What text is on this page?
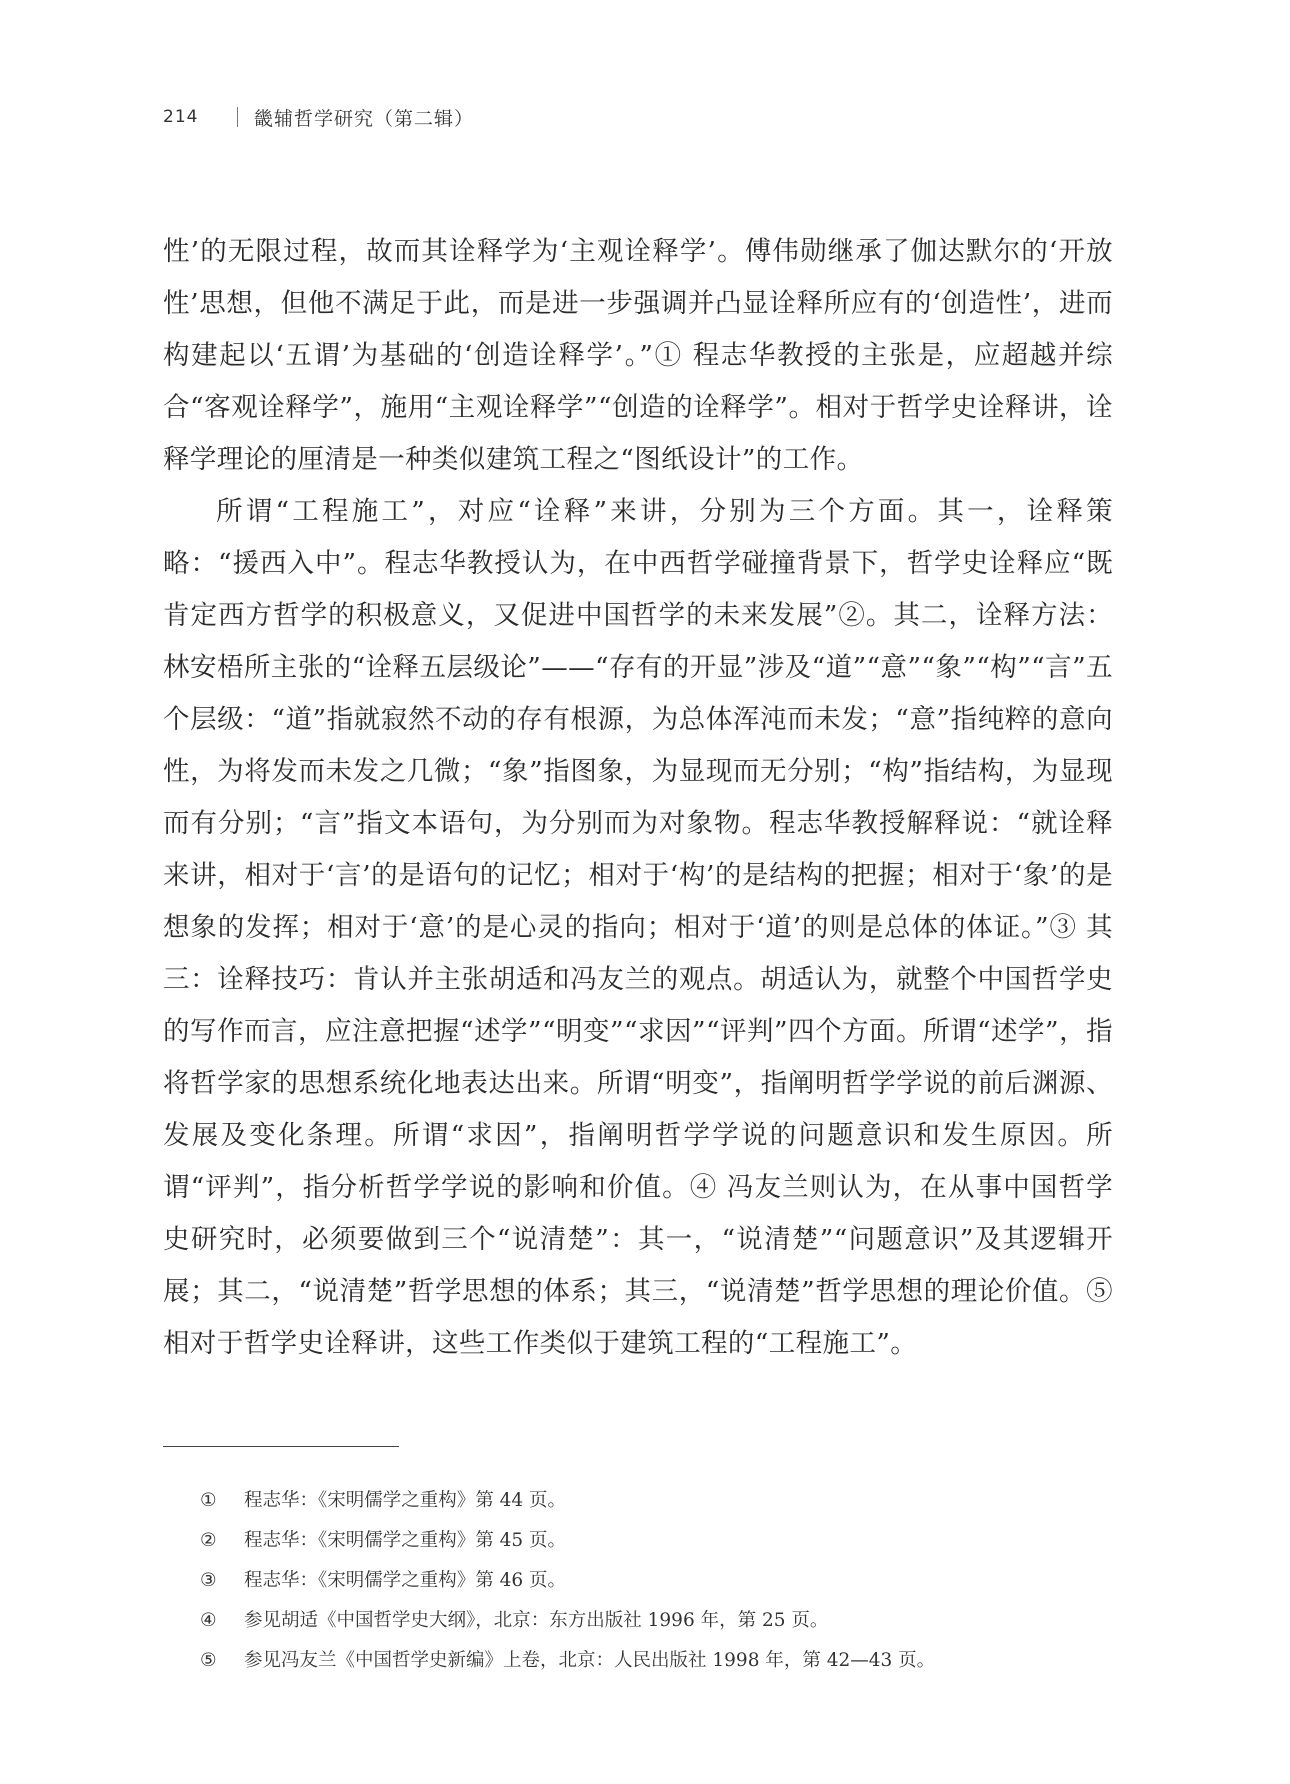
214	畿辅哲学研究（第二辑）

性’的无限过程，故而其诠释学为‘主观诠释学’。傅伟勋继承了伽达默尔的‘开放性’思想，但他不满足于此，而是进一步强调并凸显诠释所应有的‘创造性’，进而构建起以‘五谓’为基础的‘创造诠释学’。”① 程志华教授的主张是，应超越并综合“客观诠释学”，施用“主观诠释学”“创造的诠释学”。相对于哲学史诠释讲，诠释学理论的厘清是一种类似建筑工程之“图纸设计”的工作。

所谓“工程施工”，对应“诠释”来讲，分别为三个方面。其一，诠释策略：“援西入中”。程志华教授认为，在中西哲学碰撞背景下，哲学史诠释应“既肯定西方哲学的积极意义，又促进中国哲学的未来发展”②。其二，诠释方法：林安梧所主张的“诠释五层级论”——“存有的开显”涉及“道”“意”“象”“构”“言”五个层级：“道”指就寂然不动的存有根源，为总体浑沌而未发；“意”指纯粹的意向性，为将发而未发之几微；“象”指图象，为显现而无分别；“构”指结构，为显现而有分别；“言”指文本语句，为分别而为对象物。程志华教授解释说：“就诠释来讲，相对于‘言’的是语句的记忆；相对于‘构’的是结构的把握；相对于‘象’的是想象的发挥；相对于‘意’的是心灵的指向；相对于‘道’的则是总体的体证。”③ 其三：诠释技巧：肯认并主张胡适和冯友兰的观点。胡适认为，就整个中国哲学史的写作而言，应注意把握“述学”“明变”“求因”“评判”四个方面。所谓“述学”，指将哲学家的思想系统化地表达出来。所谓“明变”，指阐明哲学学说的前后渊源、发展及变化条理。所谓“求因”，指阐明哲学学说的问题意识和发生原因。所谓“评判”，指分析哲学学说的影响和价值。④ 冯友兰则认为，在从事中国哲学史研究时，必须要做到三个“说清楚”：其一，“说清楚”“问题意识”及其逻辑开展；其二，“说清楚”哲学思想的体系；其三，“说清楚”哲学思想的理论价值。⑤ 相对于哲学史诠释讲，这些工作类似于建筑工程的“工程施工”。

①	程志华：《宋明儒学之重构》第 44 页。
②	程志华：《宋明儒学之重构》第 45 页。
③	程志华：《宋明儒学之重构》第 46 页。
④	参见胡适《中国哲学史大纲》，北京：东方出版社 1996 年，第 25 页。
⑤	参见冯友兰《中国哲学史新编》上卷，北京：人民出版社 1998 年，第 42—43 页。
